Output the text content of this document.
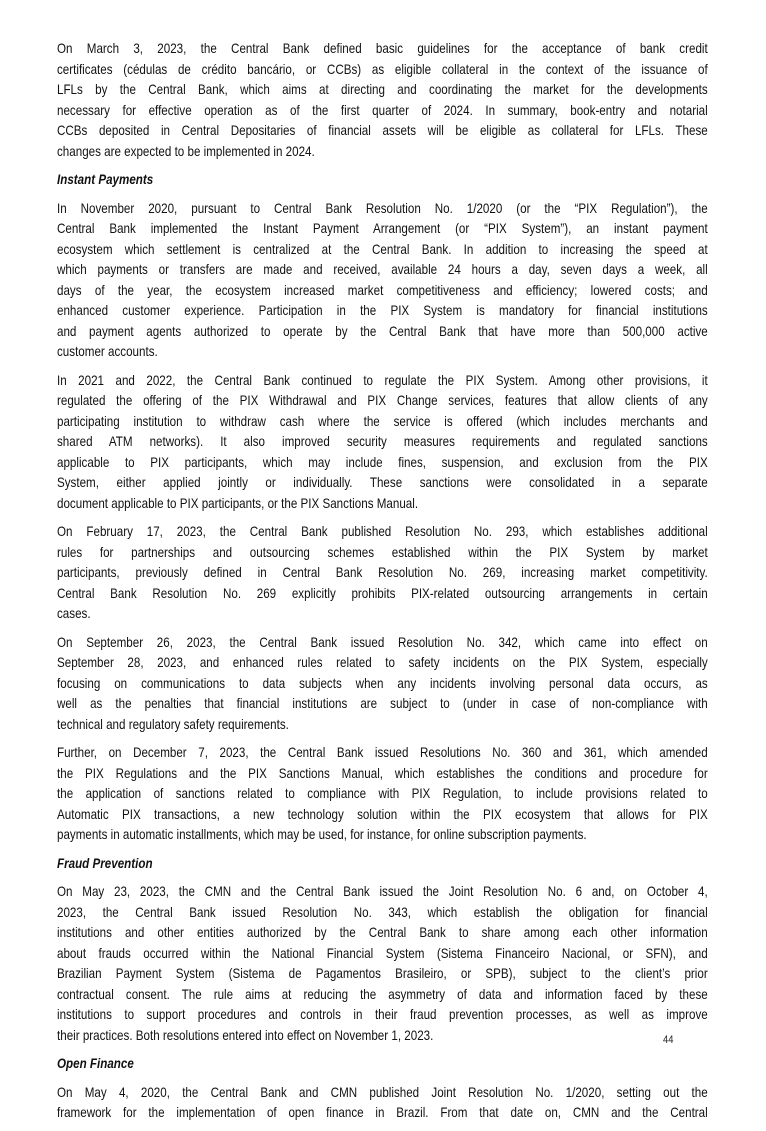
On March 3, 2023, the Central Bank defined basic guidelines for the acceptance of bank credit
certificates (cédulas de crédito bancário, or CCBs) as eligible collateral in the context of the issuance of
LFLs by the Central Bank, which aims at directing and coordinating the market for the developments
necessary for effective operation as of the first quarter of 2024. In summary, book-entry and notarial
CCBs deposited in Central Depositaries of financial assets will be eligible as collateral for LFLs. These
changes are expected to be implemented in 2024.
Instant Payments
In November 2020, pursuant to Central Bank Resolution No. 1/2020 (or the “PIX Regulation”), the
Central Bank implemented the Instant Payment Arrangement (or “PIX System”), an instant payment
ecosystem which settlement is centralized at the Central Bank. In addition to increasing the speed at
which payments or transfers are made and received, available 24 hours a day, seven days a week, all
days of the year, the ecosystem increased market competitiveness and efficiency; lowered costs; and
enhanced customer experience. Participation in the PIX System is mandatory for financial institutions
and payment agents authorized to operate by the Central Bank that have more than 500,000 active
customer accounts.
In 2021 and 2022, the Central Bank continued to regulate the PIX System. Among other provisions, it
regulated the offering of the PIX Withdrawal and PIX Change services, features that allow clients of any
participating institution to withdraw cash where the service is offered (which includes merchants and
shared ATM networks). It also improved security measures requirements and regulated sanctions
applicable to PIX participants, which may include fines, suspension, and exclusion from the PIX
System, either applied jointly or individually. These sanctions were consolidated in a separate
document applicable to PIX participants, or the PIX Sanctions Manual.
On February 17, 2023, the Central Bank published Resolution No. 293, which establishes additional
rules for partnerships and outsourcing schemes established within the PIX System by market
participants, previously defined in Central Bank Resolution No. 269, increasing market competitivity.
Central Bank Resolution No. 269 explicitly prohibits PIX-related outsourcing arrangements in certain
cases.
On September 26, 2023, the Central Bank issued Resolution No. 342, which came into effect on
September 28, 2023, and enhanced rules related to safety incidents on the PIX System, especially
focusing on communications to data subjects when any incidents involving personal data occurs, as
well as the penalties that financial institutions are subject to (under in case of non-compliance with
technical and regulatory safety requirements.
Further, on December 7, 2023, the Central Bank issued Resolutions No. 360 and 361, which amended
the PIX Regulations and the PIX Sanctions Manual, which establishes the conditions and procedure for
the application of sanctions related to compliance with PIX Regulation, to include provisions related to
Automatic PIX transactions, a new technology solution within the PIX ecosystem that allows for PIX
payments in automatic installments, which may be used, for instance, for online subscription payments.
Fraud Prevention
On May 23, 2023, the CMN and the Central Bank issued the Joint Resolution No. 6 and, on October 4,
2023, the Central Bank issued Resolution No. 343, which establish the obligation for financial
institutions and other entities authorized by the Central Bank to share among each other information
about frauds occurred within the National Financial System (Sistema Financeiro Nacional, or SFN), and
Brazilian Payment System (Sistema de Pagamentos Brasileiro, or SPB), subject to the client’s prior
contractual consent. The rule aims at reducing the asymmetry of data and information faced by these
institutions to support procedures and controls in their fraud prevention processes, as well as improve
their practices. Both resolutions entered into effect on November 1, 2023.
Open Finance
On May 4, 2020, the Central Bank and CMN published Joint Resolution No. 1/2020, setting out the
framework for the implementation of open finance in Brazil. From that date on, CMN and the Central
44
